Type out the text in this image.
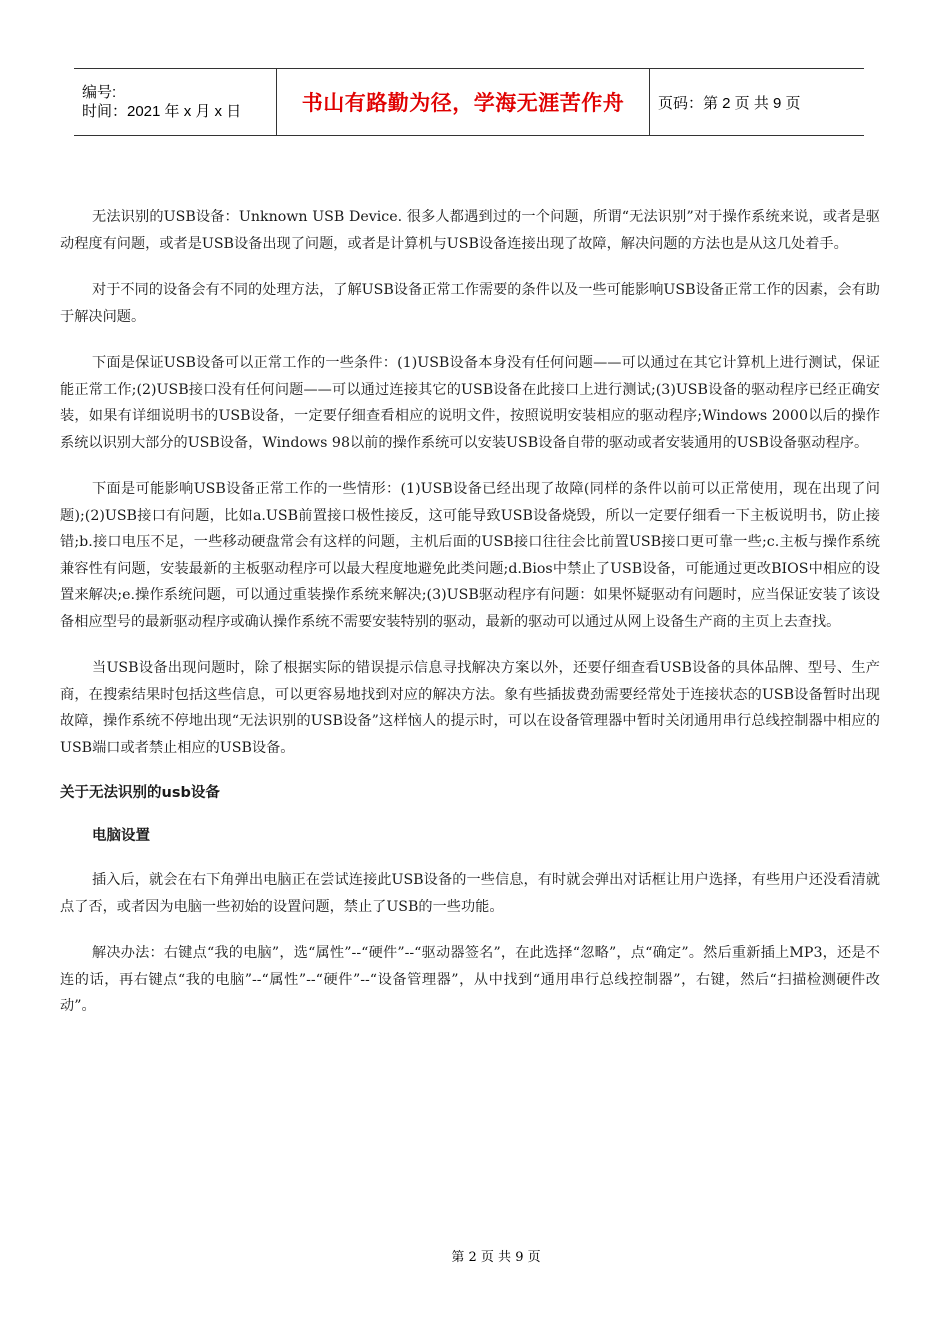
编号:
时间：2021 年 x 月 x 日	书山有路勤为径，学海无涯苦作舟 页码：第 2 页 共 9 页

无法识别的USB设备：Unknown USB Device. 很多人都遇到过的一个问题，所谓“无法识别”对于操作系统来说，或者是驱动程度有问题，或者是USB设备出现了问题，或者是计算机与USB设备连接出现了故障，解决问题的方法也是从这几处着手。

对于不同的设备会有不同的处理方法，了解USB设备正常工作需要的条件以及一些可能影响USB设备正常工作的因素，会有助于解决问题。

下面是保证USB设备可以正常工作的一些条件：(1)USB设备本身没有任何问题——可以通过在其它计算机上进行测试，保证能正常工作;(2)USB接口没有任何问题——可以通过连接其它的USB设备在此接口上进行测试;(3)USB设备的驱动程序已经正确安装，如果有详细说明书的USB设备，一定要仔细查看相应的说明文件，按照说明安装相应的驱动程序;Windows 2000以后的操作系统以识别大部分的USB设备，Windows 98以前的操作系统可以安装USB设备自带的驱动或者安装通用的USB设备驱动程序。

下面是可能影响USB设备正常工作的一些情形：(1)USB设备已经出现了故障(同样的条件以前可以正常使用，现在出现了问题);(2)USB接口有问题，比如a.USB前置接口极性接反，这可能导致USB设备烧毁，所以一定要仔细看一下主板说明书，防止接错;b.接口电压不足，一些移动硬盘常会有这样的问题，主机后面的USB接口往往会比前置USB接口更可靠一些;c.主板与操作系统兼容性有问题，安装最新的主板驱动程序可以最大程度地避免此类问题;d.Bios中禁止了USB设备，可能通过更改BIOS中相应的设置来解决;e.操作系统问题，可以通过重装操作系统来解决;(3)USB驱动程序有问题：如果怀疑驱动有问题时，应当保证安装了该设备相应型号的最新驱动程序或确认操作系统不需要安装特别的驱动，最新的驱动可以通过从网上设备生产商的主页上去查找。

当USB设备出现问题时，除了根据实际的错误提示信息寻找解决方案以外，还要仔细查看USB设备的具体品牌、型号、生产商，在搜索结果时包括这些信息，可以更容易地找到对应的解决方法。象有些插拔费劲需要经常处于连接状态的USB设备暂时出现故障，操作系统不停地出现“无法识别的USB设备”这样恼人的提示时，可以在设备管理器中暂时关闭通用串行总线控制器中相应的USB端口或者禁止相应的USB设备。

关于无法识别的usb设备

电脑设置

插入后，就会在右下角弹出电脑正在尝试连接此USB设备的一些信息，有时就会弹出对话框让用户选择，有些用户还没看清就点了否，或者因为电脑一些初始的设置问题，禁止了USB的一些功能。

解决办法：右键点“我的电脑”，选“属性”--“硬件”--“驱动器签名”，在此选择“忽略”，点“确定”。然后重新插上MP3，还是不连的话，再右键点“我的电脑”--“属性”--“硬件”--“设备管理器”，从中找到“通用串行总线控制器”，右键，然后“扫描检测硬件改动”。

第 2 页 共 9 页
